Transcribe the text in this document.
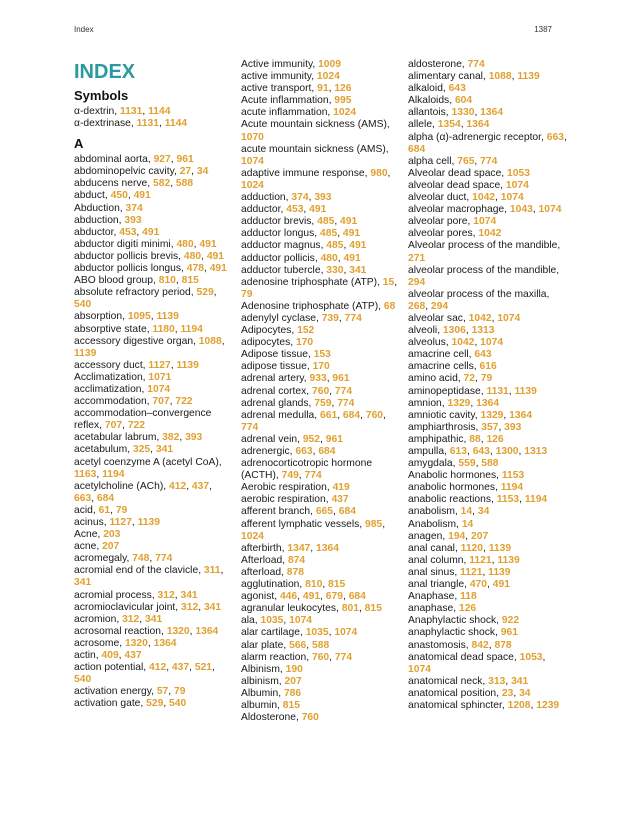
Index	1387
INDEX
Symbols
α-dextrin, 1131, 1144
α-dextrinase, 1131, 1144
A
abdominal aorta, 927, 961
abdominopelvic cavity, 27, 34
abducens nerve, 582, 588
abduct, 450, 491
Abduction, 374
abduction, 393
abductor, 453, 491
abductor digiti minimi, 480, 491
abductor pollicis brevis, 480, 491
abductor pollicis longus, 478, 491
ABO blood group, 810, 815
absolute refractory period, 529, 540
absorption, 1095, 1139
absorptive state, 1180, 1194
accessory digestive organ, 1088, 1139
accessory duct, 1127, 1139
Acclimatization, 1071
acclimatization, 1074
accommodation, 707, 722
accommodation–convergence reflex, 707, 722
acetabular labrum, 382, 393
acetabulum, 325, 341
acetyl coenzyme A (acetyl CoA), 1163, 1194
acetylcholine (ACh), 412, 437, 663, 684
acid, 61, 79
acinus, 1127, 1139
Acne, 203
acne, 207
acromegaly, 748, 774
acromial end of the clavicle, 311, 341
acromial process, 312, 341
acromioclavicular joint, 312, 341
acromion, 312, 341
acrosomal reaction, 1320, 1364
acrosome, 1320, 1364
actin, 409, 437
action potential, 412, 437, 521, 540
activation energy, 57, 79
activation gate, 529, 540
Active immunity, 1009
active immunity, 1024
active transport, 91, 126
Acute inflammation, 995
acute inflammation, 1024
Acute mountain sickness (AMS), 1070
acute mountain sickness (AMS), 1074
adaptive immune response, 980, 1024
adduction, 374, 393
adductor, 453, 491
adductor brevis, 485, 491
adductor longus, 485, 491
adductor magnus, 485, 491
adductor pollicis, 480, 491
adductor tubercle, 330, 341
adenosine triphosphate (ATP), 15, 79
Adenosine triphosphate (ATP), 68
adenylyl cyclase, 739, 774
Adipocytes, 152
adipocytes, 170
Adipose tissue, 153
adipose tissue, 170
adrenal artery, 933, 961
adrenal cortex, 760, 774
adrenal glands, 759, 774
adrenal medulla, 661, 684, 760, 774
adrenal vein, 952, 961
adrenergic, 663, 684
adrenocorticotropic hormone (ACTH), 749, 774
Aerobic respiration, 419
aerobic respiration, 437
afferent branch, 665, 684
afferent lymphatic vessels, 985, 1024
afterbirth, 1347, 1364
Afterload, 874
afterload, 878
agglutination, 810, 815
agonist, 446, 491, 679, 684
agranular leukocytes, 801, 815
ala, 1035, 1074
alar cartilage, 1035, 1074
alar plate, 566, 588
alarm reaction, 760, 774
Albinism, 190
albinism, 207
Albumin, 786
albumin, 815
Aldosterone, 760
aldosterone, 774
alimentary canal, 1088, 1139
alkaloid, 643
Alkaloids, 604
allantois, 1330, 1364
allele, 1354, 1364
alpha (α)-adrenergic receptor, 663, 684
alpha cell, 765, 774
Alveolar dead space, 1053
alveolar dead space, 1074
alveolar duct, 1042, 1074
alveolar macrophage, 1043, 1074
alveolar pore, 1074
alveolar pores, 1042
Alveolar process of the mandible, 271
alveolar process of the mandible, 294
alveolar process of the maxilla, 268, 294
alveolar sac, 1042, 1074
alveoli, 1306, 1313
alveolus, 1042, 1074
amacrine cell, 643
amacrine cells, 616
amino acid, 72, 79
aminopeptidase, 1131, 1139
amnion, 1329, 1364
amniotic cavity, 1329, 1364
amphiarthrosis, 357, 393
amphipathic, 88, 126
ampulla, 613, 643, 1300, 1313
amygdala, 559, 588
Anabolic hormones, 1153
anabolic hormones, 1194
anabolic reactions, 1153, 1194
anabolism, 14, 34
Anabolism, 14
anagen, 194, 207
anal canal, 1120, 1139
anal column, 1121, 1139
anal sinus, 1121, 1139
anal triangle, 470, 491
Anaphase, 118
anaphase, 126
Anaphylactic shock, 922
anaphylactic shock, 961
anastomosis, 842, 878
anatomical dead space, 1053, 1074
anatomical neck, 313, 341
anatomical position, 23, 34
anatomical sphincter, 1208, 1239
